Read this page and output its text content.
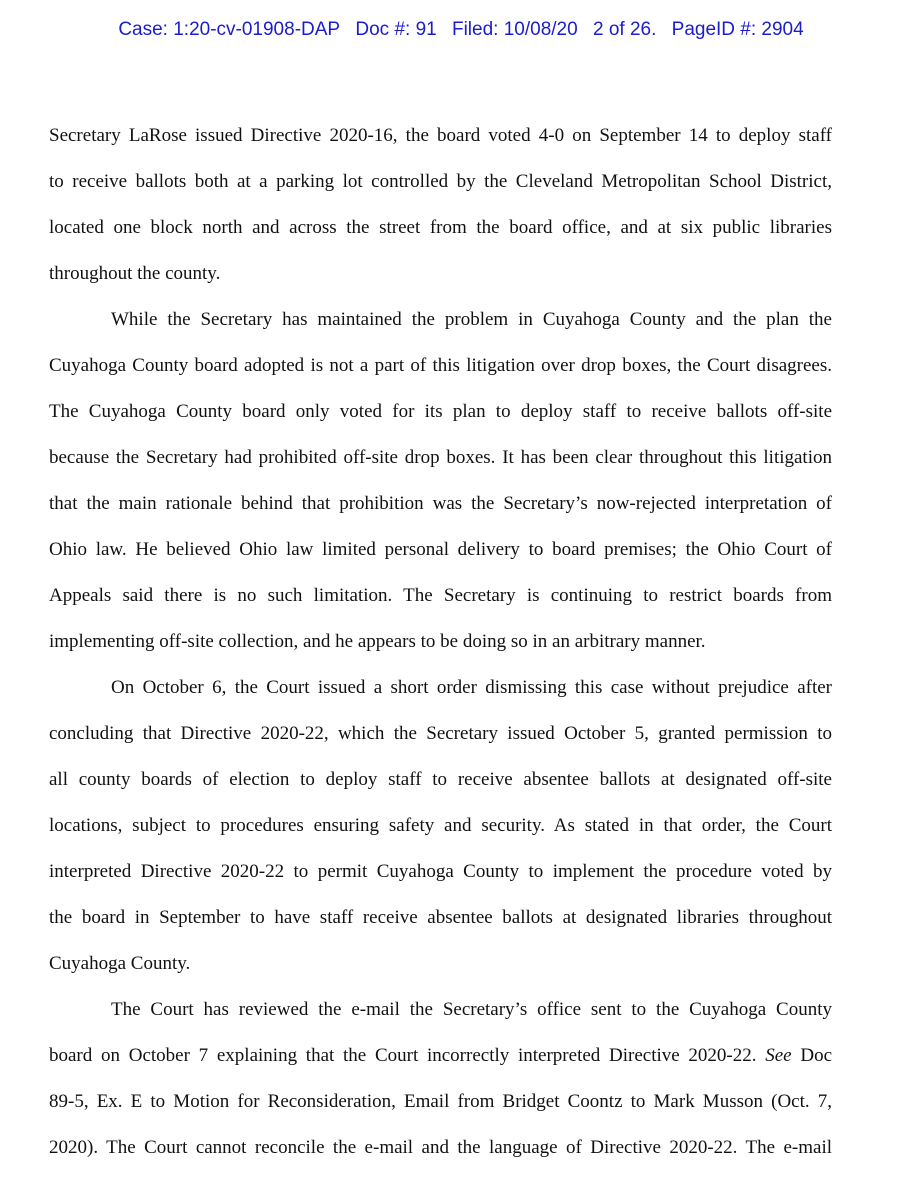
Case: 1:20-cv-01908-DAP Doc #: 91 Filed: 10/08/20 2 of 26. PageID #: 2904
Secretary LaRose issued Directive 2020-16, the board voted 4-0 on September 14 to deploy staff
to receive ballots both at a parking lot controlled by the Cleveland Metropolitan School District,
located one block north and across the street from the board office, and at six public libraries
throughout the county.
While the Secretary has maintained the problem in Cuyahoga County and the plan the
Cuyahoga County board adopted is not a part of this litigation over drop boxes, the Court disagrees.
The Cuyahoga County board only voted for its plan to deploy staff to receive ballots off-site
because the Secretary had prohibited off-site drop boxes. It has been clear throughout this litigation
that the main rationale behind that prohibition was the Secretary’s now-rejected interpretation of
Ohio law. He believed Ohio law limited personal delivery to board premises; the Ohio Court of
Appeals said there is no such limitation. The Secretary is continuing to restrict boards from
implementing off-site collection, and he appears to be doing so in an arbitrary manner.
On October 6, the Court issued a short order dismissing this case without prejudice after
concluding that Directive 2020-22, which the Secretary issued October 5, granted permission to
all county boards of election to deploy staff to receive absentee ballots at designated off-site
locations, subject to procedures ensuring safety and security. As stated in that order, the Court
interpreted Directive 2020-22 to permit Cuyahoga County to implement the procedure voted by
the board in September to have staff receive absentee ballots at designated libraries throughout
Cuyahoga County.
The Court has reviewed the e-mail the Secretary’s office sent to the Cuyahoga County
board on October 7 explaining that the Court incorrectly interpreted Directive 2020-22. See Doc
89-5, Ex. E to Motion for Reconsideration, Email from Bridget Coontz to Mark Musson (Oct. 7,
2020). The Court cannot reconcile the e-mail and the language of Directive 2020-22. The e-mail
